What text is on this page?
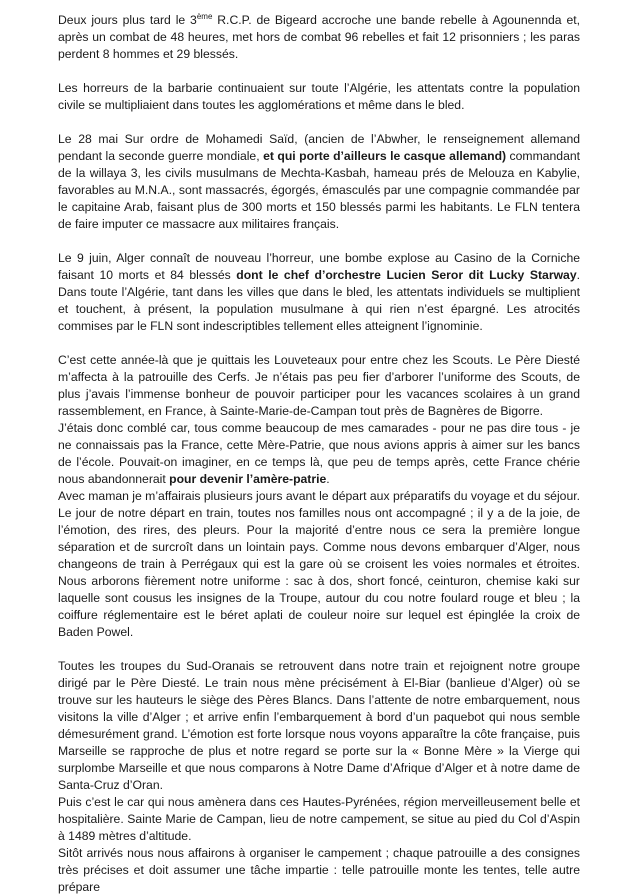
Deux jours plus tard le 3ème R.C.P. de Bigeard accroche une bande rebelle à Agounennda et, après un combat de 48 heures, met hors de combat 96 rebelles et fait 12 prisonniers ; les paras perdent 8 hommes et 29 blessés.

Les horreurs de la barbarie continuaient sur toute l’Algérie, les attentats contre la population civile se multipliaient dans toutes les agglomérations et même dans le bled.

Le 28 mai Sur ordre de Mohamedi Saïd, (ancien de l’Abwher, le renseignement allemand pendant la seconde guerre mondiale, et qui porte d’ailleurs le casque allemand) commandant de la willaya 3, les civils musulmans de Mechta-Kasbah, hameau prés de Melouza en Kabylie, favorables au M.N.A., sont massacrés, égorgés, émasculés par une compagnie commandée par le capitaine Arab, faisant plus de 300 morts et 150 blessés parmi les habitants. Le FLN tentera de faire imputer ce massacre aux militaires français.

Le 9 juin, Alger connaît de nouveau l’horreur, une bombe explose au Casino de la Corniche faisant 10 morts et 84 blessés dont le chef d’orchestre Lucien Seror dit Lucky Starway. Dans toute l’Algérie, tant dans les villes que dans le bled, les attentats individuels se multiplient et touchent, à présent, la population musulmane à qui rien n’est épargné. Les atrocités commises par le FLN sont indescriptibles tellement elles atteignent l’ignominie.

C’est cette année-là que je quittais les Louveteaux pour entre chez les Scouts. Le Père Diesté m’affecta à la patrouille des Cerfs. Je n’étais pas peu fier d’arborer l’uniforme des Scouts, de plus j’avais l’immense bonheur de pouvoir participer pour les vacances scolaires à un grand rassemblement, en France, à Sainte-Marie-de-Campan tout près de Bagnères de Bigorre.

J’étais donc comblé car, tous comme beaucoup de mes camarades - pour ne pas dire tous - je ne connaissais pas la France, cette Mère-Patrie, que nous avions appris à aimer sur les bancs de l’école. Pouvait-on imaginer, en ce temps là, que peu de temps après, cette France chérie nous abandonnerait pour devenir l’amère-patrie.

Avec maman je m’affairais plusieurs jours avant le départ aux préparatifs du voyage et du séjour. Le jour de notre départ en train, toutes nos familles nous ont accompagné ; il y a de la joie, de l’émotion, des rires, des pleurs. Pour la majorité d’entre nous ce sera la première longue séparation et de surcroît dans un lointain pays. Comme nous devons embarquer d’Alger, nous changeons de train à Perrégaux qui est la gare où se croisent les voies normales et étroites. Nous arborons fièrement notre uniforme : sac à dos, short foncé, ceinturon, chemise kaki sur laquelle sont cousus les insignes de la Troupe, autour du cou notre foulard rouge et bleu ; la coiffure réglementaire est le béret aplati de couleur noire sur lequel est épinglée la croix de Baden Powel.

Toutes les troupes du Sud-Oranais se retrouvent dans notre train et rejoignent notre groupe dirigé par le Père Diesté. Le train nous mène précisément à El-Biar (banlieue d’Alger) où se trouve sur les hauteurs le siège des Pères Blancs. Dans l’attente de notre embarquement, nous visitons la ville d’Alger ; et arrive enfin l’embarquement à bord d’un paquebot qui nous semble démesurément grand. L’émotion est forte lorsque nous voyons apparaître la côte française, puis Marseille se rapproche de plus et notre regard se porte sur la « Bonne Mère » la Vierge qui surplombe Marseille et que nous comparons à Notre Dame d’Afrique d’Alger et à notre dame de Santa-Cruz d’Oran.

Puis c’est le car qui nous amènera dans ces Hautes-Pyrénées, région merveilleusement belle et hospitalière. Sainte Marie de Campan, lieu de notre campement, se situe au pied du Col d’Aspin à 1489 mètres d’altitude.

Sitôt arrivés nous nous affairons à organiser le campement ; chaque patrouille a des consignes très précises et doit assumer une tâche impartie : telle patrouille monte les tentes, telle autre prépare
